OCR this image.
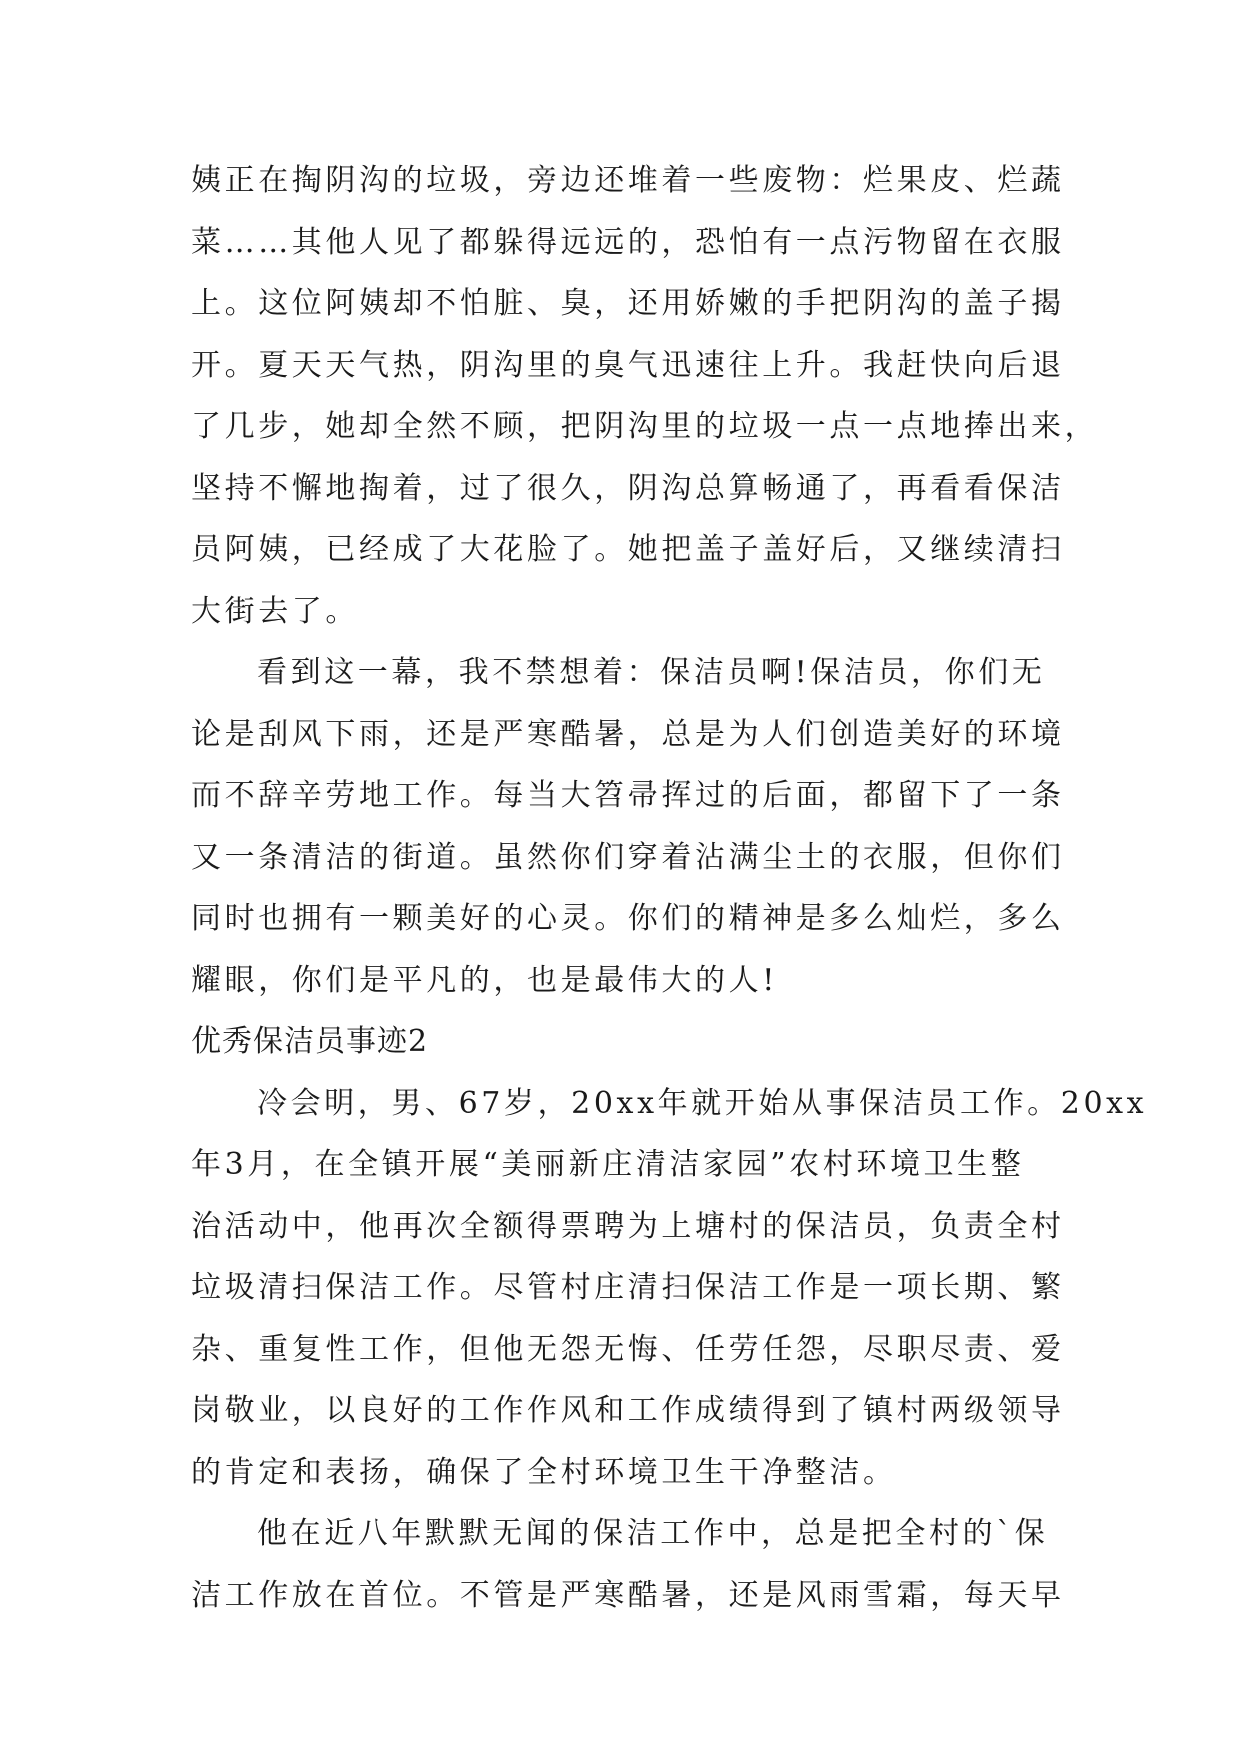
姨正在掏阴沟的垃圾，旁边还堆着一些废物：烂果皮、烂蔬
菜……其他人见了都躲得远远的，恐怕有一点污物留在衣服
上。这位阿姨却不怕脏、臭，还用娇嫩的手把阴沟的盖子揭
开。夏天天气热，阴沟里的臭气迅速往上升。我赶快向后退
了几步，她却全然不顾，把阴沟里的垃圾一点一点地捧出来，
坚持不懈地掏着，过了很久，阴沟总算畅通了，再看看保洁
员阿姨，已经成了大花脸了。她把盖子盖好后，又继续清扫
大街去了。
看到这一幕，我不禁想着：保洁员啊!保洁员，你们无
论是刮风下雨，还是严寒酷暑，总是为人们创造美好的环境
而不辞辛劳地工作。每当大笤帚挥过的后面，都留下了一条
又一条清洁的街道。虽然你们穿着沾满尘土的衣服，但你们
同时也拥有一颗美好的心灵。你们的精神是多么灿烂，多么
耀眼，你们是平凡的，也是最伟大的人!
优秀保洁员事迹2
冷会明，男、67岁，20xx年就开始从事保洁员工作。20xx
年3月，在全镇开展“美丽新庄清洁家园”农村环境卫生整
治活动中，他再次全额得票聘为上塘村的保洁员，负责全村
垃圾清扫保洁工作。尽管村庄清扫保洁工作是一项长期、繁
杂、重复性工作，但他无怨无悔、任劳任怨，尽职尽责、爱
岗敬业，以良好的工作作风和工作成绩得到了镇村两级领导
的肯定和表扬，确保了全村环境卫生干净整洁。
他在近八年默默无闻的保洁工作中，总是把全村的`保
洁工作放在首位。不管是严寒酷暑，还是风雨雪霜，每天早
